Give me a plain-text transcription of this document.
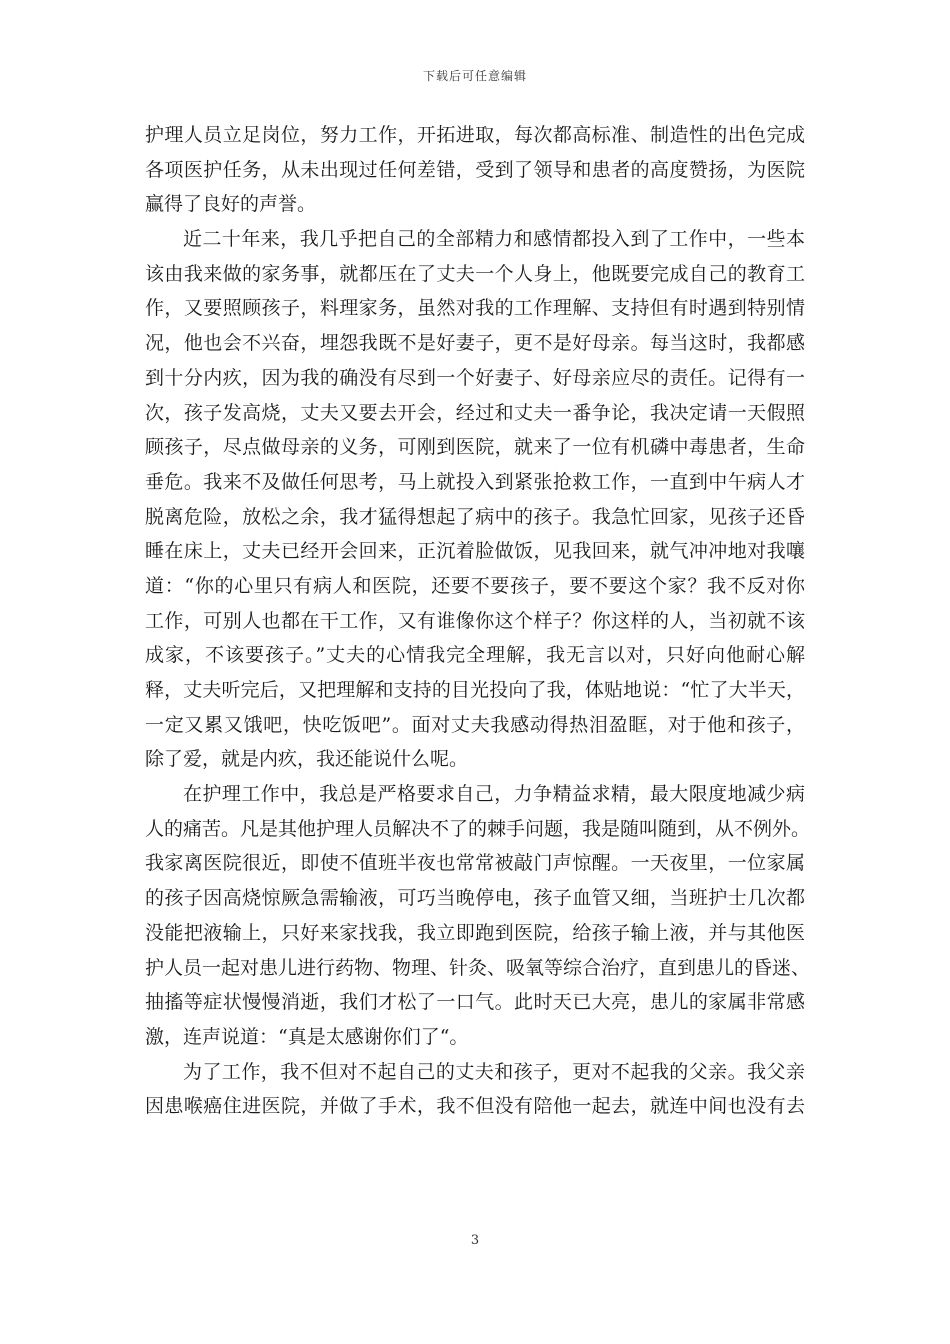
下载后可任意编辑
护理人员立足岗位，努力工作，开拓进取，每次都高标准、制造性的出色完成
各项医护任务，从未出现过任何差错，受到了领导和患者的高度赞扬，为医院
赢得了良好的声誉。
近二十年来，我几乎把自己的全部精力和感情都投入到了工作中，一些本
该由我来做的家务事，就都压在了丈夫一个人身上，他既要完成自己的教育工
作，又要照顾孩子，料理家务，虽然对我的工作理解、支持但有时遇到特别情
况，他也会不兴奋，埋怨我既不是好妻子，更不是好母亲。每当这时，我都感
到十分内疚，因为我的确没有尽到一个好妻子、好母亲应尽的责任。记得有一
次，孩子发高烧，丈夫又要去开会，经过和丈夫一番争论，我决定请一天假照
顾孩子，尽点做母亲的义务，可刚到医院，就来了一位有机磷中毒患者，生命
垂危。我来不及做任何思考，马上就投入到紧张抢救工作，一直到中午病人才
脱离危险，放松之余，我才猛得想起了病中的孩子。我急忙回家，见孩子还昏
睡在床上，丈夫已经开会回来，正沉着脸做饭，见我回来，就气冲冲地对我嚷
道：“你的心里只有病人和医院，还要不要孩子，要不要这个家？我不反对你
工作，可别人也都在干工作，又有谁像你这个样子？你这样的人，当初就不该
成家，不该要孩子。”丈夫的心情我完全理解，我无言以对，只好向他耐心解
释，丈夫听完后，又把理解和支持的目光投向了我，体贴地说：“忙了大半天，
一定又累又饿吧，快吃饭吧”。面对丈夫我感动得热泪盈眶，对于他和孩子，
除了爱，就是内疚，我还能说什么呢。
在护理工作中，我总是严格要求自己，力争精益求精，最大限度地减少病
人的痛苦。凡是其他护理人员解决不了的棘手问题，我是随叫随到，从不例外。
我家离医院很近，即使不值班半夜也常常被敲门声惊醒。一天夜里，一位家属
的孩子因高烧惊厥急需输液，可巧当晚停电，孩子血管又细，当班护士几次都
没能把液输上，只好来家找我，我立即跑到医院，给孩子输上液，并与其他医
护人员一起对患儿进行药物、物理、针灸、吸氧等综合治疗，直到患儿的昏迷、
抽搐等症状慢慢消逝，我们才松了一口气。此时天已大亮，患儿的家属非常感
激，连声说道：“真是太感谢你们了“。
为了工作，我不但对不起自己的丈夫和孩子，更对不起我的父亲。我父亲
因患喉癌住进医院，并做了手术，我不但没有陪他一起去，就连中间也没有去
3
